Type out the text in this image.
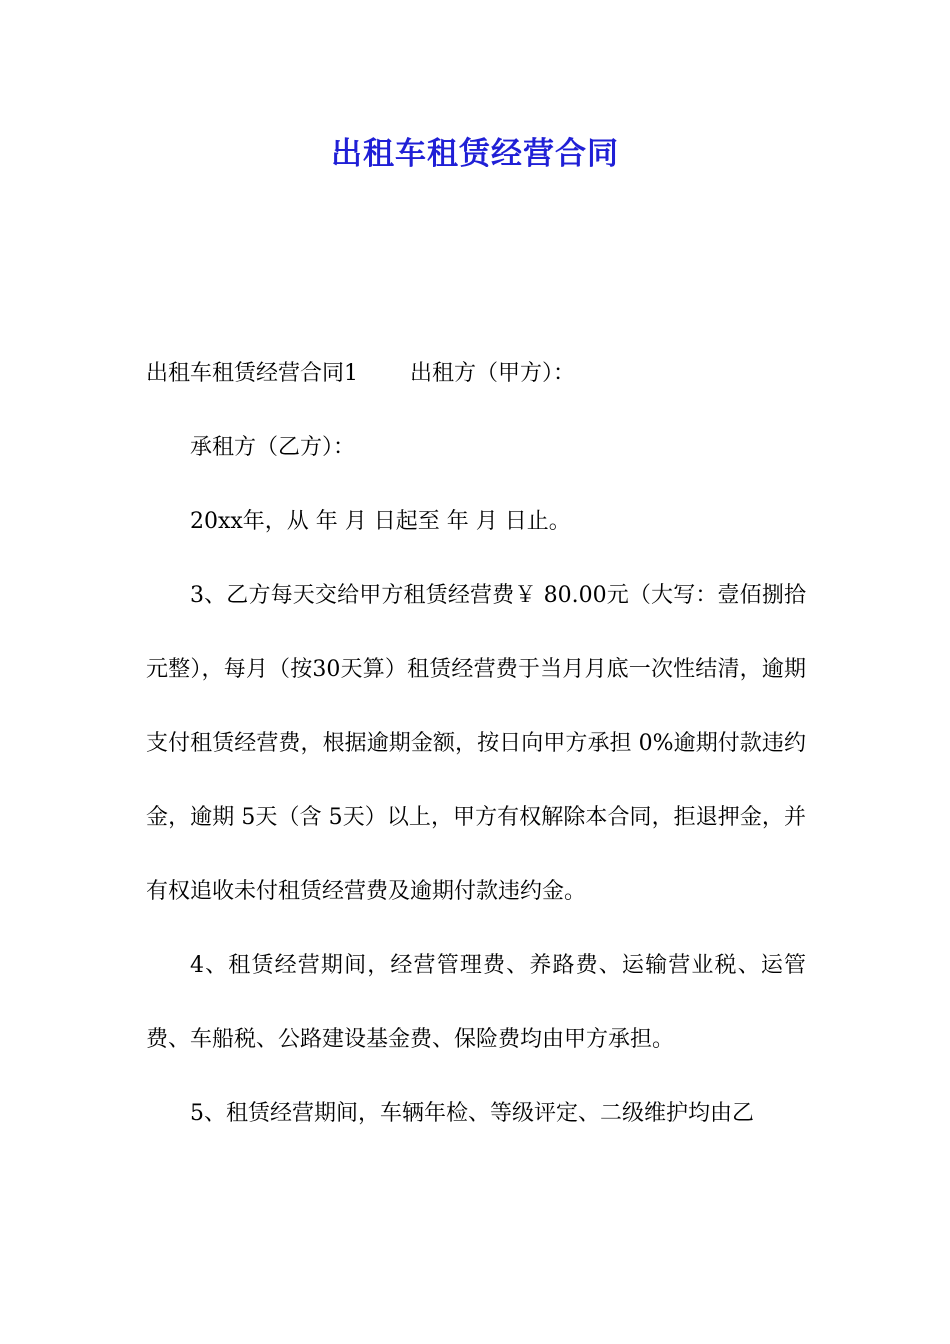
出租车租赁经营合同

出租车租赁经营合同1 出租方（甲方）：

承租方（乙方）：

20xx年，从 年 月 日起至 年 月 日止。

3、乙方每天交给甲方租赁经营费￥ 80.00元（大写：壹佰捌拾元整），每月（按30天算）租赁经营费于当月月底一次性结清，逾期支付租赁经营费，根据逾期金额，按日向甲方承担 0%逾期付款违约金，逾期 5天（含 5天）以上，甲方有权解除本合同，拒退押金，并有权追收未付租赁经营费及逾期付款违约金。

4、租赁经营期间，经营管理费、养路费、运输营业税、运管费、车船税、公路建设基金费、保险费均由甲方承担。

5、租赁经营期间，车辆年检、等级评定、二级维护均由乙
